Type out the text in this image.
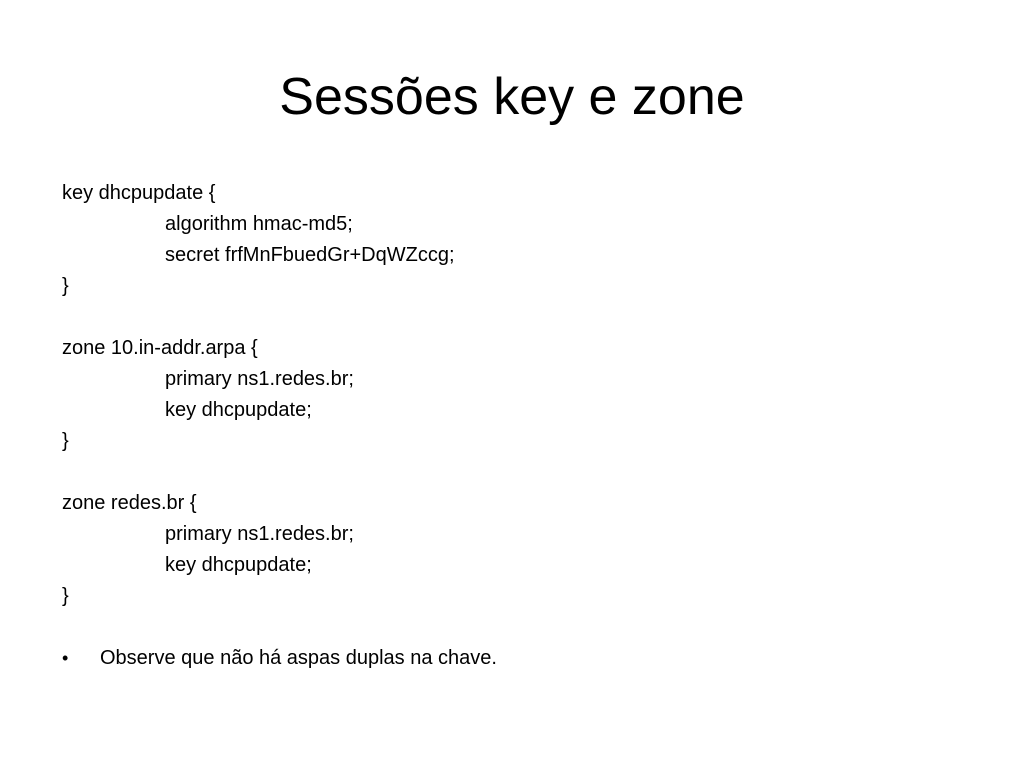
Sessões key e zone
key dhcpupdate {
algorithm hmac-md5;
secret frfMnFbuedGr+DqWZccg;
}
zone 10.in-addr.arpa {
primary ns1.redes.br;
key dhcpupdate;
}
zone redes.br {
primary ns1.redes.br;
key dhcpupdate;
}
•	Observe que não há aspas duplas na chave.
